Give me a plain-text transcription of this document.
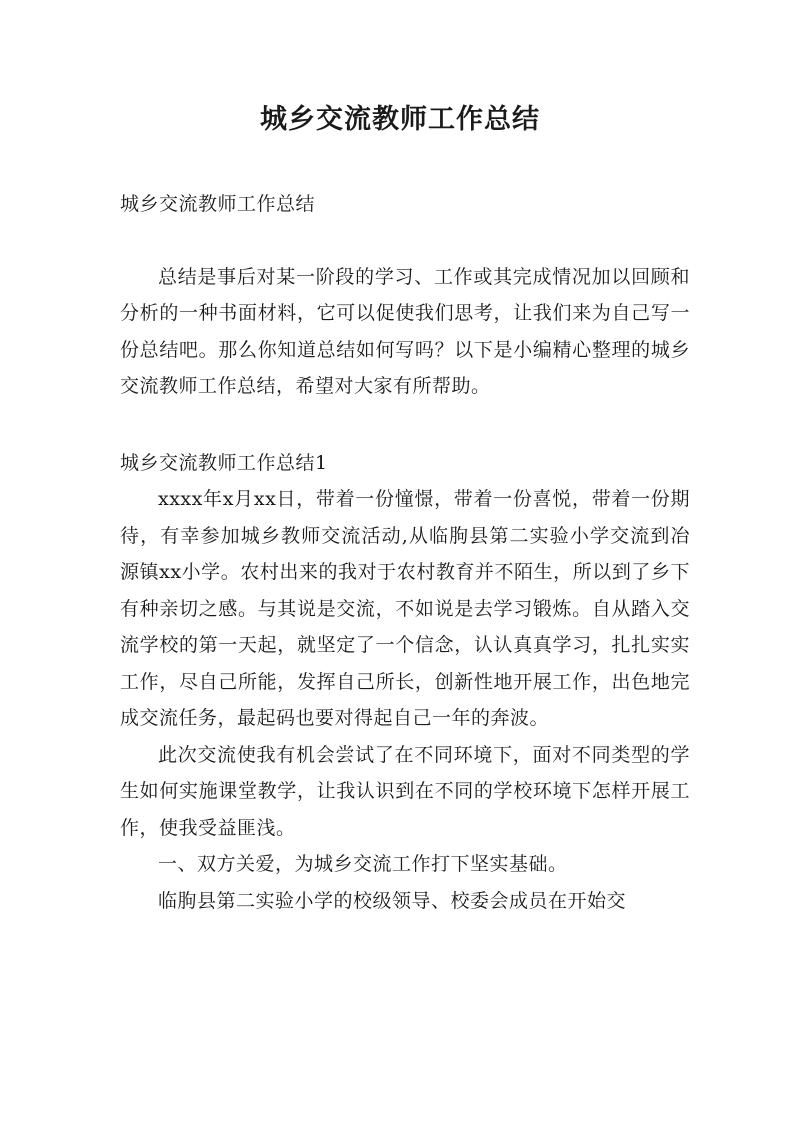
城乡交流教师工作总结

城乡交流教师工作总结

总结是事后对某一阶段的学习、工作或其完成情况加以回顾和分析的一种书面材料，它可以促使我们思考，让我们来为自己写一份总结吧。那么你知道总结如何写吗？以下是小编精心整理的城乡交流教师工作总结，希望对大家有所帮助。

城乡交流教师工作总结1

xxxx年x月xx日，带着一份憧憬，带着一份喜悦，带着一份期待，有幸参加城乡教师交流活动,从临朐县第二实验小学交流到冶源镇xx小学。农村出来的我对于农村教育并不陌生，所以到了乡下有种亲切之感。与其说是交流，不如说是去学习锻炼。自从踏入交流学校的第一天起，就坚定了一个信念，认认真真学习，扎扎实实工作，尽自己所能，发挥自己所长，创新性地开展工作，出色地完成交流任务，最起码也要对得起自己一年的奔波。

此次交流使我有机会尝试了在不同环境下，面对不同类型的学生如何实施课堂教学，让我认识到在不同的学校环境下怎样开展工作，使我受益匪浅。

一、双方关爱，为城乡交流工作打下坚实基础。

临朐县第二实验小学的校级领导、校委会成员在开始交
